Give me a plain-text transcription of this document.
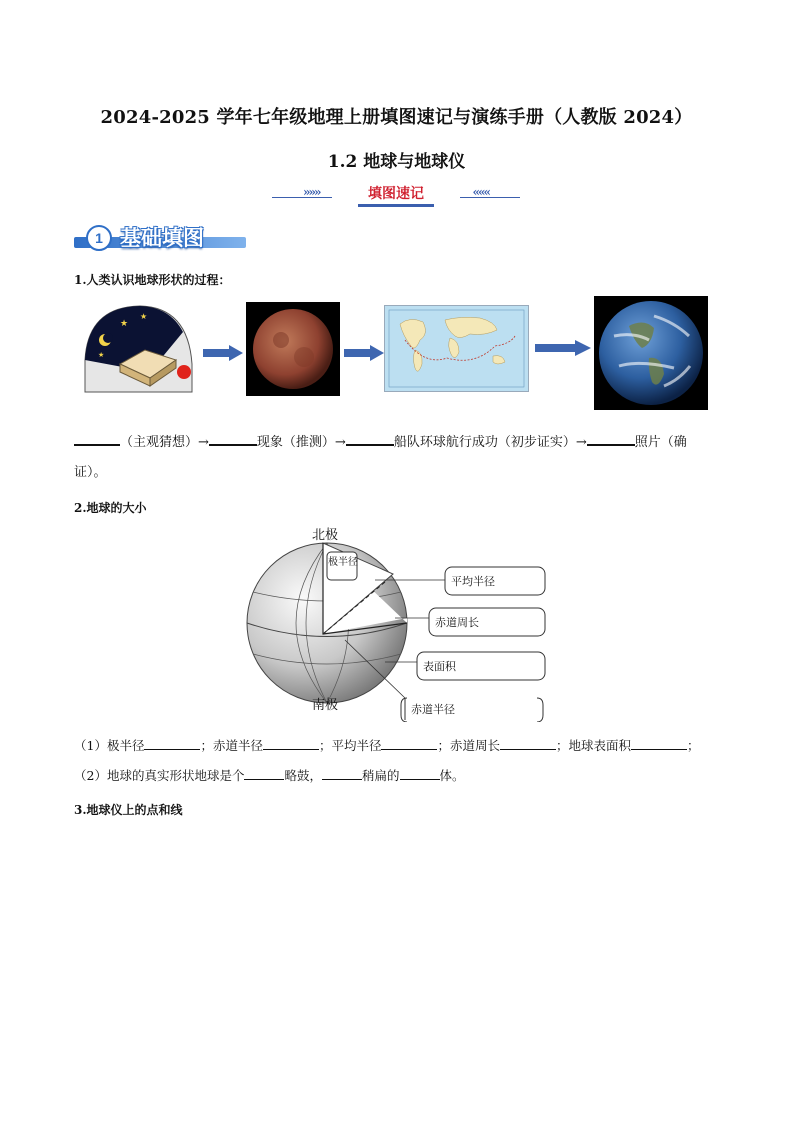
2024-2025 学年七年级地理上册填图速记与演练手册（人教版 2024）
1.2 地球与地球仪
»»»	填图速记	«««
1 基础填图
1.人类认识地球形状的过程：
★
★
★
（主观猜想）→	现象（推测）→	船队环球航行成功（初步证实）→	照片（确
证）。
2.地球的大小
北极
南极
极半径
平均半径
赤道周长
表面积
赤道半径
（1）极半径	；赤道半径	；平均半径	；赤道周长	；地球表面积	；
（2）地球的真实形状地球是个	略鼓，	稍扁的	体。
3.地球仪上的点和线
